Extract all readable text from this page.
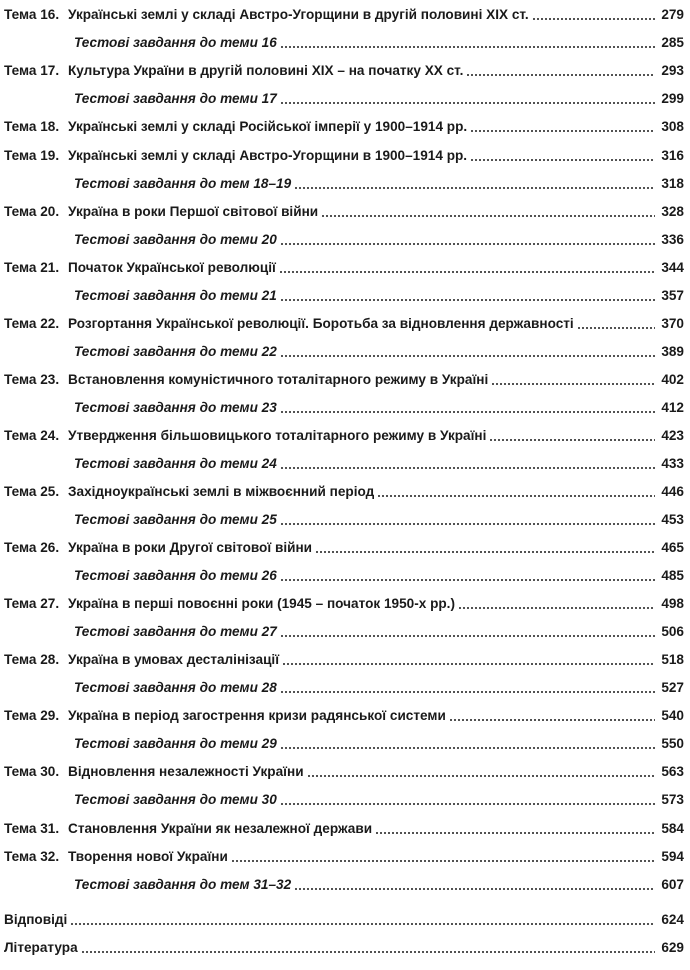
Тема 16. Українські землі у складі Австро-Угорщини в другій половині XIX ст.	279
Тестові завдання до теми 16	285
Тема 17. Культура України в другій половині XIX – на початку XX ст.	293
Тестові завдання до теми 17	299
Тема 18. Українські землі у складі Російської імперії у 1900–1914 рр.	308
Тема 19. Українські землі у складі Австро-Угорщини в 1900–1914 рр.	316
Тестові завдання до тем 18–19	318
Тема 20. Україна в роки Першої світової війни	328
Тестові завдання до теми 20	336
Тема 21. Початок Української революції	344
Тестові завдання до теми 21	357
Тема 22. Розгортання Української революції. Боротьба за відновлення державності	370
Тестові завдання до теми 22	389
Тема 23. Встановлення комуністичного тоталітарного режиму в Україні	402
Тестові завдання до теми 23	412
Тема 24. Утвердження більшовицького тоталітарного режиму в Україні	423
Тестові завдання до теми 24	433
Тема 25. Західноукраїнські землі в міжвоєнний період	446
Тестові завдання до теми 25	453
Тема 26. Україна в роки Другої світової війни	465
Тестові завдання до теми 26	485
Тема 27. Україна в перші повоєнні роки (1945 – початок 1950-х рр.)	498
Тестові завдання до теми 27	506
Тема 28. Україна в умовах десталінізації	518
Тестові завдання до теми 28	527
Тема 29. Україна в період загострення кризи радянської системи	540
Тестові завдання до теми 29	550
Тема 30. Відновлення незалежності України	563
Тестові завдання до теми 30	573
Тема 31. Становлення України як незалежної держави	584
Тема 32. Творення нової України	594
Тестові завдання до тем 31–32	607
Відповіді	624
Література	629
